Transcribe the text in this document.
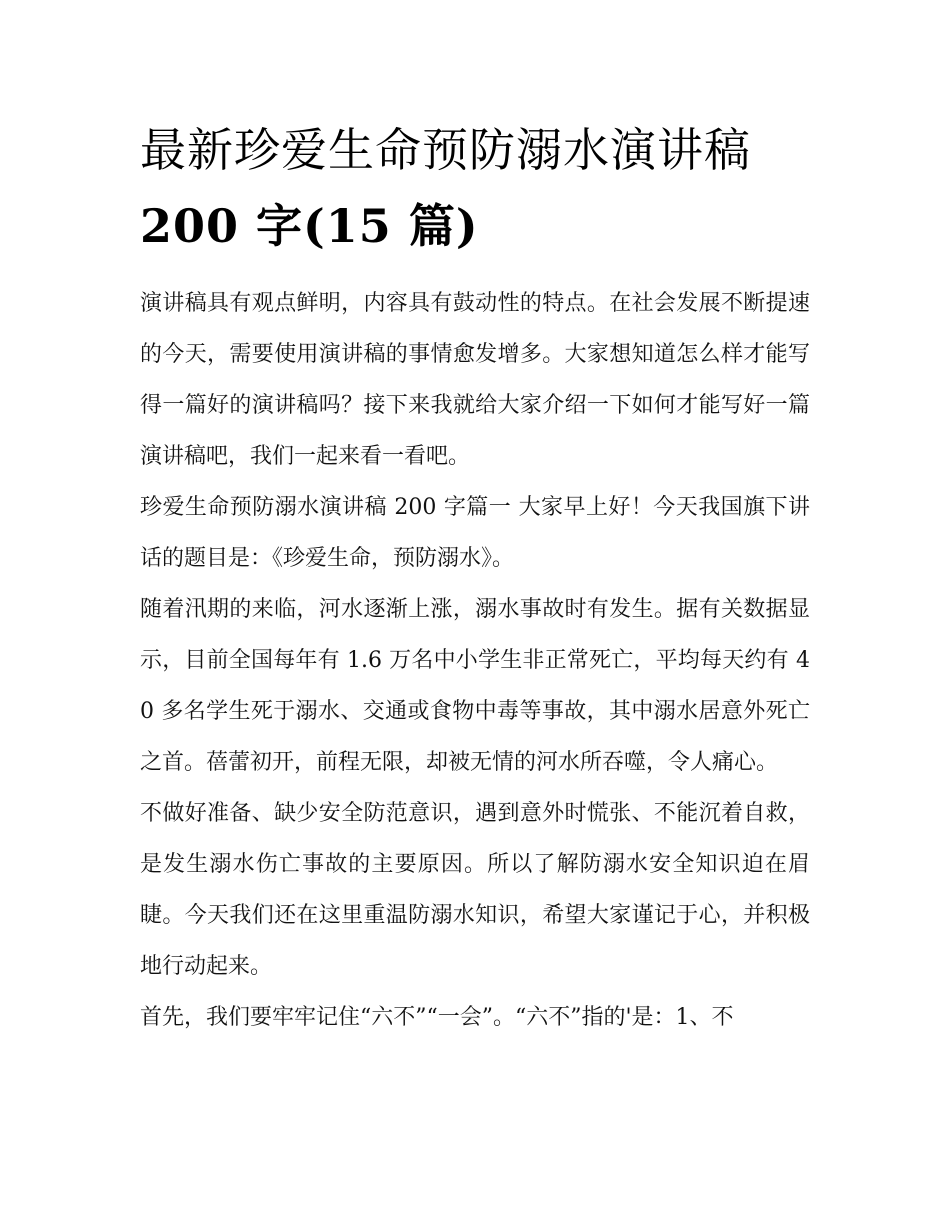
最新珍爱生命预防溺水演讲稿
200 字(15 篇)

演讲稿具有观点鲜明，内容具有鼓动性的特点。在社会发展不断提速的今天，需要使用演讲稿的事情愈发增多。大家想知道怎么样才能写得一篇好的演讲稿吗？接下来我就给大家介绍一下如何才能写好一篇演讲稿吧，我们一起来看一看吧。

珍爱生命预防溺水演讲稿 200 字篇一 大家早上好！今天我国旗下讲话的题目是：《珍爱生命，预防溺水》。

随着汛期的来临，河水逐渐上涨，溺水事故时有发生。据有关数据显示，目前全国每年有 1.6 万名中小学生非正常死亡，平均每天约有 40 多名学生死于溺水、交通或食物中毒等事故，其中溺水居意外死亡之首。蓓蕾初开，前程无限，却被无情的河水所吞噬，令人痛心。

不做好准备、缺少安全防范意识，遇到意外时慌张、不能沉着自救，是发生溺水伤亡事故的主要原因。所以了解防溺水安全知识迫在眉睫。今天我们还在这里重温防溺水知识，希望大家谨记于心，并积极地行动起来。

首先，我们要牢牢记住“六不”“一会”。“六不”指的'是：1、不
